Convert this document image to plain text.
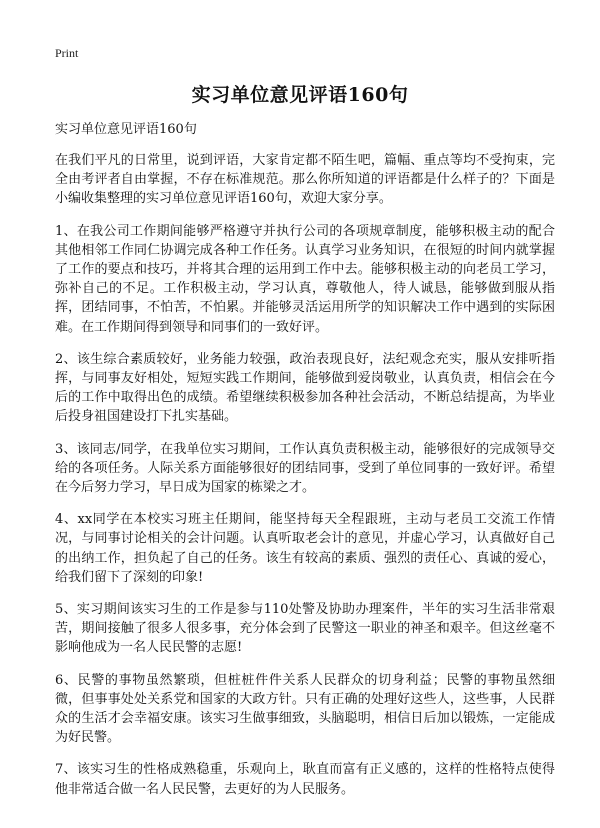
Print
实习单位意见评语160句
实习单位意见评语160句

在我们平凡的日常里，说到评语，大家肯定都不陌生吧，篇幅、重点等均不受拘束，完全由考评者自由掌握，不存在标准规范。那么你所知道的评语都是什么样子的？下面是小编收集整理的实习单位意见评语160句，欢迎大家分享。

1、在我公司工作期间能够严格遵守并执行公司的各项规章制度，能够积极主动的配合其他相邻工作同仁协调完成各种工作任务。认真学习业务知识，在很短的时间内就掌握了工作的要点和技巧，并将其合理的运用到工作中去。能够积极主动的向老员工学习，弥补自己的不足。工作积极主动，学习认真，尊敬他人，待人诚恳，能够做到服从指挥，团结同事，不怕苦，不怕累。并能够灵活运用所学的知识解决工作中遇到的实际困难。在工作期间得到领导和同事们的一致好评。

2、该生综合素质较好，业务能力较强，政治表现良好，法纪观念充实，服从安排听指挥，与同事友好相处，短短实践工作期间，能够做到爱岗敬业，认真负责，相信会在今后的工作中取得出色的成绩。希望继续积极参加各种社会活动，不断总结提高，为毕业后投身祖国建设打下扎实基础。

3、该同志/同学，在我单位实习期间，工作认真负责积极主动，能够很好的完成领导交给的各项任务。人际关系方面能够很好的团结同事，受到了单位同事的一致好评。希望在今后努力学习，早日成为国家的栋梁之才。

4、xx同学在本校实习班主任期间，能坚持每天全程跟班，主动与老员工交流工作情况，与同事讨论相关的会计问题。认真听取老会计的意见，并虚心学习，认真做好自己的出纳工作，担负起了自己的任务。该生有较高的素质、强烈的责任心、真诚的爱心，给我们留下了深刻的印象!

5、实习期间该实习生的工作是参与110处警及协助办理案件，半年的实习生活非常艰苦，期间接触了很多人很多事，充分体会到了民警这一职业的神圣和艰辛。但这丝毫不影响他成为一名人民民警的志愿!

6、民警的事物虽然繁琐，但桩桩件件关系人民群众的切身利益；民警的事物虽然细微，但事事处处关系党和国家的大政方针。只有正确的处理好这些人，这些事，人民群众的生活才会幸福安康。该实习生做事细致，头脑聪明，相信日后加以锻炼，一定能成为好民警。

7、该实习生的性格成熟稳重，乐观向上，耿直而富有正义感的，这样的性格特点使得他非常适合做一名人民民警，去更好的为人民服务。
